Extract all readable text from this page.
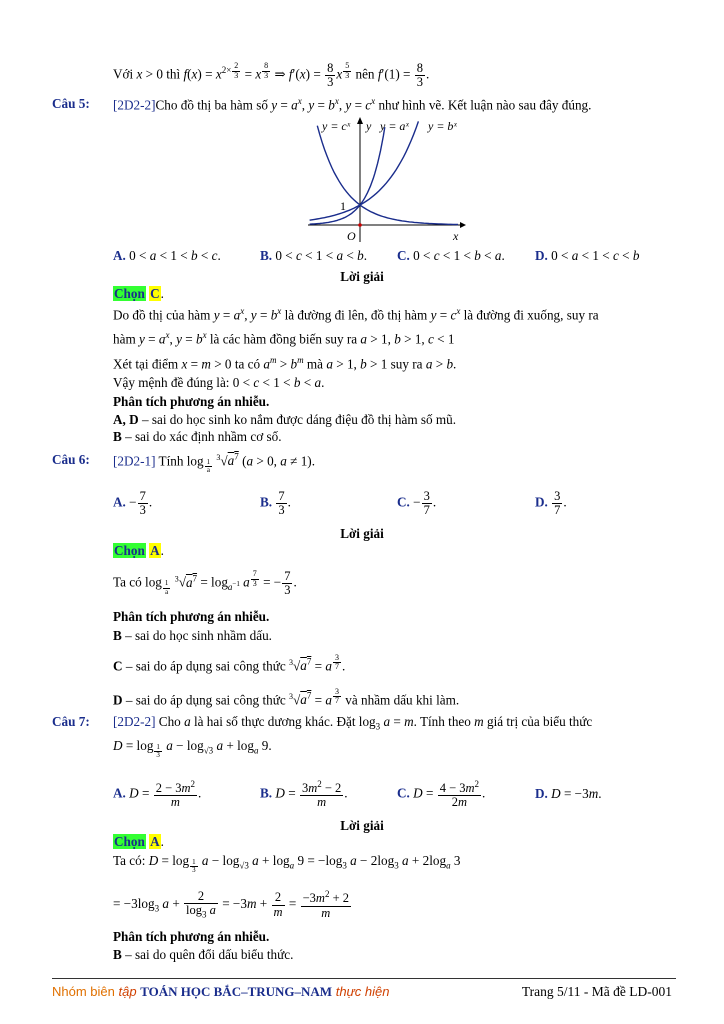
Với x > 0 thì $f(x) = x^{2\times \frac{2}{3}} = x$ $^{\frac{8}{3}}$ ⇒ $f'(x) = \frac{8}{3}$ x $^{\frac{5}{3}}$ nên $f'(1) = \frac{8}{3}$ .
Câu 5: [2D2-2]Cho đồ thị ba hàm số $y = a^x$, $y = b^x$, $y = c^x$ như hình vẽ. Kết luận nào sau đây đúng.
y = cˣ y y = aˣ y = bˣ
1
O	x
A. 0 < a < 1 < b < c.	B. 0 < c < 1 < a < b. C. 0 < c < 1 < b < a. D. 0 < a < 1 < c < b
Lời giải
Chọn C.
Do đồ thị của hàm $y = a^x$, $y = b^x$ là đường đi lên, đồ thị hàm $y = c^x$ là đường đi xuống, suy ra
hàm $y = a^x$, $y = b^x$ là các hàm đồng biến suy ra a > 1, b > 1, c < 1
Xét tại điểm x = m > 0 ta có $a^m > b^m$ mà a > 1, b > 1 suy ra a > b.
Vậy mệnh đề đúng là: 0 < c < 1 < b < a.
Phân tích phương án nhiễu.
A, D – sai do học sinh ko nắm được dáng điệu đồ thị hàm số mũ.
B – sai do xác định nhầm cơ số.
Câu 6: [2D2-1] Tính log $_{\frac{1}{a}}$
$^3√a^7$ (a > 0, a ≠ 1).
A. − $\frac{7}{3}$ .	B. $\frac{7}{3}$ .	C. − $\frac{3}{7}$ .	D. $\frac{3}{7}$ .
Lời giải
Chọn A.
Ta có log $_{\frac{1}{a}}$
$^3√a^7 = \log_{a^{-1}} a$ $^{\frac{7}{3}}$ = − $\frac{7}{3}$ .
Phân tích phương án nhiễu.
B – sai do học sinh nhầm dấu.
C – sai do áp dụng sai công thức $^3√a^7 = a$ $^{\frac{3}{7}}$ .
D – sai do áp dụng sai công thức $^3√a^7 = a$ $^{\frac{3}{7}}$ và nhầm dấu khi làm.
Câu 7: [2D2-2] Cho a là hai số thực dương khác. Đặt $\log_3 a = m$. Tính theo m giá trị của biểu thức
D = log $_{\frac{1}{3}}$ $a - \log_{√3} a + \log_a 9$.
A. $D = \frac{2 - 3m^2}{m}$ .	B. $D = \frac{3m^2 - 2}{m}$ .	C. $D = \frac{4 - 3m^2}{2m}$ .	D. D = −3m.
Lời giải
Chọn A.
Ta có: D = log $_{\frac{1}{3}}$ $a - \log_{√3} a + \log_a 9 = -\log_3$ $a - 2\log_3$ $a + 2\log_a$ 3
= $-3\log_3$ $a + \frac{2}{\log_3 a} = -3m + \frac{2}{m} = \frac{-3m^2 + 2}{m}$
Phân tích phương án nhiễu.
B – sai do quên đổi dấu biểu thức.
Nhóm biên tập TOÁN HỌC BẮC–TRUNG–NAM thực hiện	Trang 5/11 - Mã đề LD-001
